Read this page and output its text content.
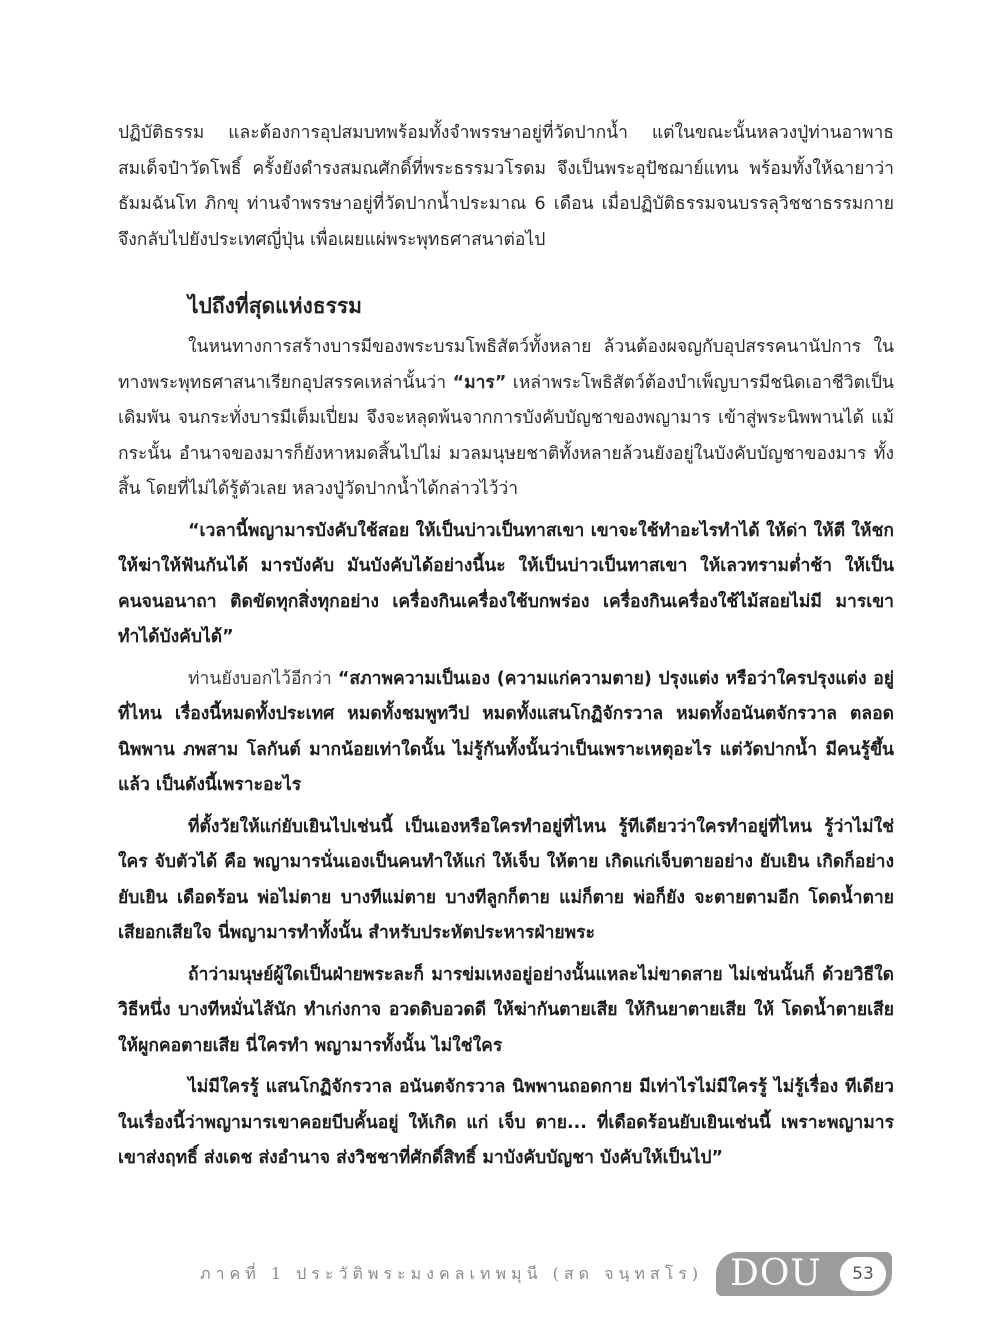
ปฏิบัติธรรม และต้องการอุปสมบทพร้อมทั้งจำพรรษาอยู่ที่วัดปากน้ำ แต่ในขณะนั้นหลวงปู่ท่านอาพาธ สมเด็จป๋าวัดโพธิ์ ครั้งยังดำรงสมณศักดิ์ที่พระธรรมวโรดม จึงเป็นพระอุปัชฌาย์แทน พร้อมทั้งให้ฉายาว่า ธัมมฉันโท ภิกขุ ท่านจำพรรษาอยู่ที่วัดปากน้ำประมาณ 6 เดือน เมื่อปฏิบัติธรรมจนบรรลุวิชชาธรรมกาย จึงกลับไปยังประเทศญี่ปุ่น เพื่อเผยแผ่พระพุทธศาสนาต่อไป

ไปถึงที่สุดแห่งธรรม

ในหนทางการสร้างบารมีของพระบรมโพธิสัตว์ทั้งหลาย ล้วนต้องผจญกับอุปสรรคนานัปการ ในทางพระพุทธศาสนาเรียกอุปสรรคเหล่านั้นว่า “มาร” เหล่าพระโพธิสัตว์ต้องบำเพ็ญบารมีชนิดเอาชีวิตเป็นเดิมพัน จนกระทั่งบารมีเต็มเปี่ยม จึงจะหลุดพ้นจากการบังคับบัญชาของพญามาร เข้าสู่พระนิพพานได้ แม้กระนั้น อำนาจของมารก็ยังหาหมดสิ้นไปไม่ มวลมนุษยชาติทั้งหลายล้วนยังอยู่ในบังคับบัญชาของมาร ทั้งสิ้น โดยที่ไม่ได้รู้ตัวเลย หลวงปู่วัดปากน้ำได้กล่าวไว้ว่า

“เวลานี้พญามารบังคับใช้สอย ให้เป็นบ่าวเป็นทาสเขา เขาจะใช้ทำอะไรทำได้ ให้ด่า ให้ตี ให้ชก ให้ฆ่าให้ฟันกันได้ มารบังคับ มันบังคับได้อย่างนี้นะ ให้เป็นบ่าวเป็นทาสเขา ให้เลวทรามต่ำช้า ให้เป็นคนจนอนาถา ติดขัดทุกสิ่งทุกอย่าง เครื่องกินเครื่องใช้บกพร่อง เครื่องกินเครื่องใช้ไม้สอยไม่มี มารเขาทำได้บังคับได้”

ท่านยังบอกไว้อีกว่า “สภาพความเป็นเอง (ความแก่ความตาย) ปรุงแต่ง หรือว่าใครปรุงแต่ง อยู่ที่ไหน เรื่องนี้หมดทั้งประเทศ หมดทั้งชมพูทวีป หมดทั้งแสนโกฏิจักรวาล หมดทั้งอนันตจักรวาล ตลอดนิพพาน ภพสาม โลกันต์ มากน้อยเท่าใดนั้น ไม่รู้กันทั้งนั้นว่าเป็นเพราะเหตุอะไร แต่วัดปากน้ำ มีคนรู้ขึ้นแล้ว เป็นดังนี้เพราะอะไร

ที่ตั้งวัยให้แก่ยับเยินไปเช่นนี้ เป็นเองหรือใครทำอยู่ที่ไหน รู้ทีเดียวว่าใครทำอยู่ที่ไหน รู้ว่าไม่ใช่ใคร จับตัวได้ คือ พญามารนั่นเองเป็นคนทำให้แก่ ให้เจ็บ ให้ตาย เกิดแก่เจ็บตายอย่าง ยับเยิน เกิดก็อย่าง ยับเยิน เดือดร้อน พ่อไม่ตาย บางทีแม่ตาย บางทีลูกก็ตาย แม่ก็ตาย พ่อก็ยัง จะตายตามอีก โดดน้ำตายเสียอกเสียใจ นี่พญามารทำทั้งนั้น สำหรับประหัตประหารฝ่ายพระ

ถ้าว่ามนุษย์ผู้ใดเป็นฝ่ายพระละก็ มารข่มเหงอยู่อย่างนั้นแหละไม่ขาดสาย ไม่เช่นนั้นก็ ด้วยวิธีใดวิธีหนึ่ง บางทีหมั่นไส้นัก ทำเก่งกาจ อวดดิบอวดดี ให้ฆ่ากันตายเสีย ให้กินยาตายเสีย ให้ โดดน้ำตายเสีย ให้ผูกคอตายเสีย นี่ใครทำ พญามารทั้งนั้น ไม่ใช่ใคร

ไม่มีใครรู้ แสนโกฏิจักรวาล อนันตจักรวาล นิพพานถอดกาย มีเท่าไรไม่มีใครรู้ ไม่รู้เรื่อง ทีเดียว ในเรื่องนี้ว่าพญามารเขาคอยบีบคั้นอยู่ ให้เกิด แก่ เจ็บ ตาย... ที่เดือดร้อนยับเยินเช่นนี้ เพราะพญามารเขาส่งฤทธิ์ ส่งเดช ส่งอำนาจ ส่งวิชชาที่ศักดิ์สิทธิ์ มาบังคับบัญชา บังคับให้เป็นไป”

ภาคที่ 1 ประวัติพระมงคลเทพมุนี (สด จนฺทสโร) DOU	53
